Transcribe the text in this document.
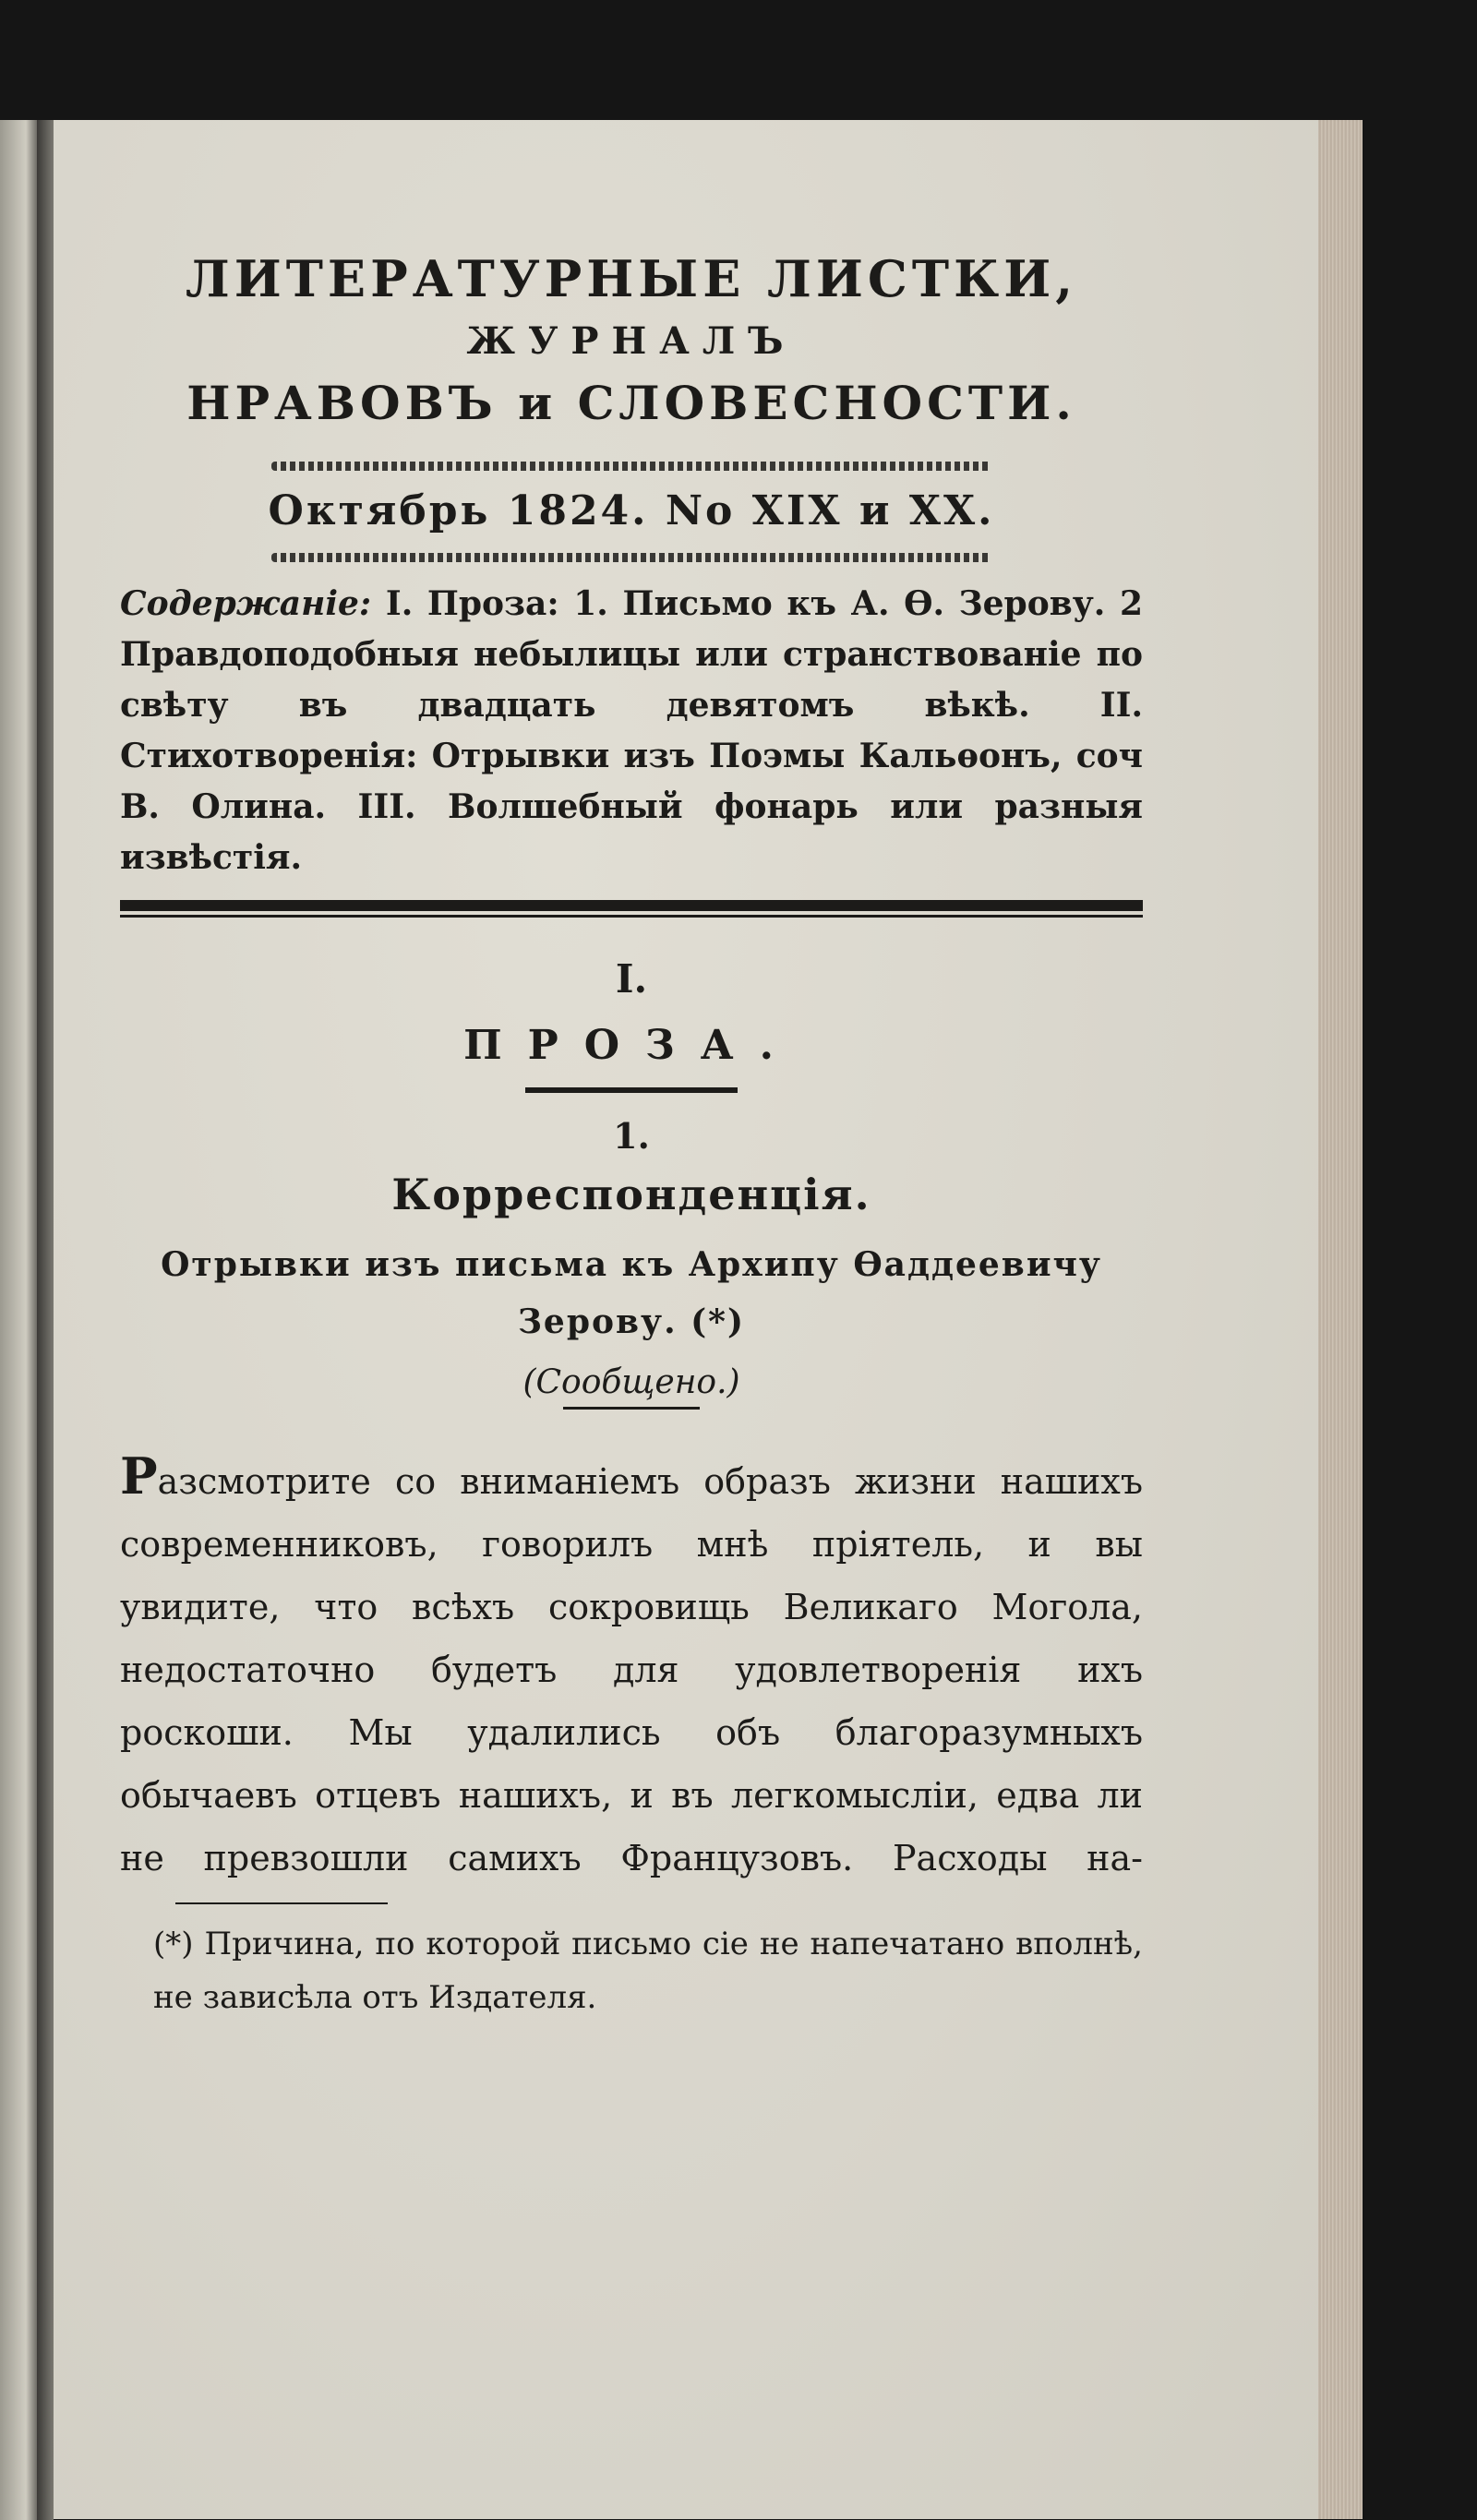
ЛИТЕРАТУРНЫЕ ЛИСТКИ,
ЖУРНАЛЪ
НРАВОВЪ и СЛОВЕСНОСТИ.
Октябрь 1824. No XIX и XX.
Содержаніе: I. Проза: 1. Письмо къ А. Ѳ. Зерову. 2 Правдоподобныя небылицы или странствованіе по свѣту въ двадцать девятомъ вѣкѣ. II. Стихотворенія: Отрывки изъ Поэмы Кальѳонъ, соч В. Олина. III. Волшебный фонарь или разныя извѣстія.
I.
ПРОЗА.
1.
Корреспонденція.
Отрывки изъ письма къ Архипу Ѳаддеевичу
Зерову. (*)
(Сообщено.)
Разсмотрите со вниманіемъ образъ жизни нашихъ современниковъ, говорилъ мнѣ пріятель, и вы увидите, что всѣхъ сокровищь Великаго Могола, недостаточно будетъ для удовлетворенія ихъ роскоши. Мы удалились объ благоразумныхъ обычаевъ отцевъ нашихъ, и въ легкомысліи, едва ли не превзошли самихъ Французовъ. Расходы на-
(*) Причина, по которой письмо сіе не напечатано вполнѣ, не зависѣла отъ Издателя.
